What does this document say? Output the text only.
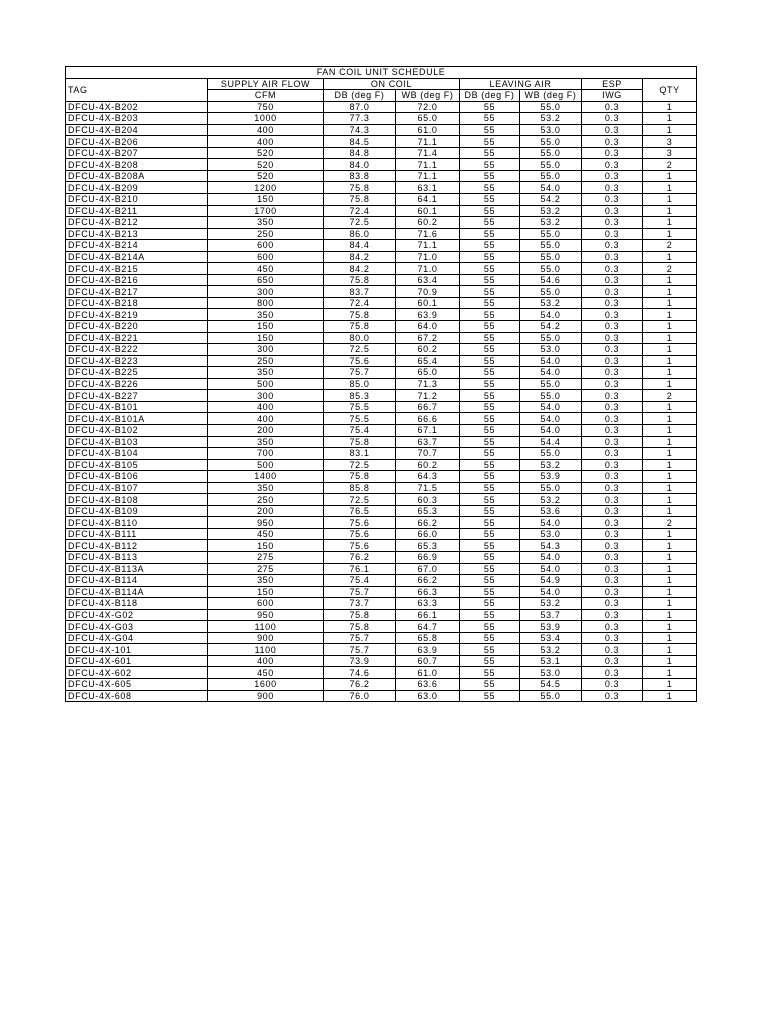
FAN COIL UNIT SCHEDULE							
TAG	SUPPLY AIR FLOW	ON COIL		LEAVING AIR		ESP	QTY
	CFM	DB (deg F)	WB (deg F)	DB (deg F)	WB (deg F)	IWG	
DFCU-4X-B202	750	87.0	72.0	55	55.0	0.3	1
DFCU-4X-B203	1000	77.3	65.0	55	53.2	0.3	1
DFCU-4X-B204	400	74.3	61.0	55	53.0	0.3	1
DFCU-4X-B206	400	84.5	71.1	55	55.0	0.3	3
DFCU-4X-B207	520	84.8	71.4	55	55.0	0.3	3
DFCU-4X-B208	520	84.0	71.1	55	55.0	0.3	2
DFCU-4X-B208A	520	83.8	71.1	55	55.0	0.3	1
DFCU-4X-B209	1200	75.8	63.1	55	54.0	0.3	1
DFCU-4X-B210	150	75.8	64.1	55	54.2	0.3	1
DFCU-4X-B211	1700	72.4	60.1	55	53.2	0.3	1
DFCU-4X-B212	350	72.5	60.2	55	53.2	0.3	1
DFCU-4X-B213	250	86.0	71.6	55	55.0	0.3	1
DFCU-4X-B214	600	84.4	71.1	55	55.0	0.3	2
DFCU-4X-B214A	600	84.2	71.0	55	55.0	0.3	1
DFCU-4X-B215	450	84.2	71.0	55	55.0	0.3	2
DFCU-4X-B216	650	75.8	63.4	55	54.6	0.3	1
DFCU-4X-B217	300	83.7	70.9	55	55.0	0.3	1
DFCU-4X-B218	800	72.4	60.1	55	53.2	0.3	1
DFCU-4X-B219	350	75.8	63.9	55	54.0	0.3	1
DFCU-4X-B220	150	75.8	64.0	55	54.2	0.3	1
DFCU-4X-B221	150	80.0	67.2	55	55.0	0.3	1
DFCU-4X-B222	300	72.5	60.2	55	53.0	0.3	1
DFCU-4X-B223	250	75.6	65.4	55	54.0	0.3	1
DFCU-4X-B225	350	75.7	65.0	55	54.0	0.3	1
DFCU-4X-B226	500	85.0	71.3	55	55.0	0.3	1
DFCU-4X-B227	300	85.3	71.2	55	55.0	0.3	2
DFCU-4X-B101	400	75.5	66.7	55	54.0	0.3	1
DFCU-4X-B101A	400	75.5	66.6	55	54.0	0.3	1
DFCU-4X-B102	200	75.4	67.1	55	54.0	0.3	1
DFCU-4X-B103	350	75.8	63.7	55	54.4	0.3	1
DFCU-4X-B104	700	83.1	70.7	55	55.0	0.3	1
DFCU-4X-B105	500	72.5	60.2	55	53.2	0.3	1
DFCU-4X-B106	1400	75.8	64.3	55	53.9	0.3	1
DFCU-4X-B107	350	85.8	71.5	55	55.0	0.3	1
DFCU-4X-B108	250	72.5	60.3	55	53.2	0.3	1
DFCU-4X-B109	200	76.5	65.3	55	53.6	0.3	1
DFCU-4X-B110	950	75.6	66.2	55	54.0	0.3	2
DFCU-4X-B111	450	75.6	66.0	55	53.0	0.3	1
DFCU-4X-B112	150	75.6	65.3	55	54.3	0.3	1
DFCU-4X-B113	275	76.2	66.9	55	54.0	0.3	1
DFCU-4X-B113A	275	76.1	67.0	55	54.0	0.3	1
DFCU-4X-B114	350	75.4	66.2	55	54.9	0.3	1
DFCU-4X-B114A	150	75.7	66.3	55	54.0	0.3	1
DFCU-4X-B118	600	73.7	63.3	55	53.2	0.3	1
DFCU-4X-G02	950	75.8	66.1	55	53.7	0.3	1
DFCU-4X-G03	1100	75.8	64.7	55	53.9	0.3	1
DFCU-4X-G04	900	75.7	65.8	55	53.4	0.3	1
DFCU-4X-101	1100	75.7	63.9	55	53.2	0.3	1
DFCU-4X-601	400	73.9	60.7	55	53.1	0.3	1
DFCU-4X-602	450	74.6	61.0	55	53.0	0.3	1
DFCU-4X-605	1600	76.2	63.6	55	54.5	0.3	1
DFCU-4X-608	900	76.0	63.0	55	55.0	0.3	1
